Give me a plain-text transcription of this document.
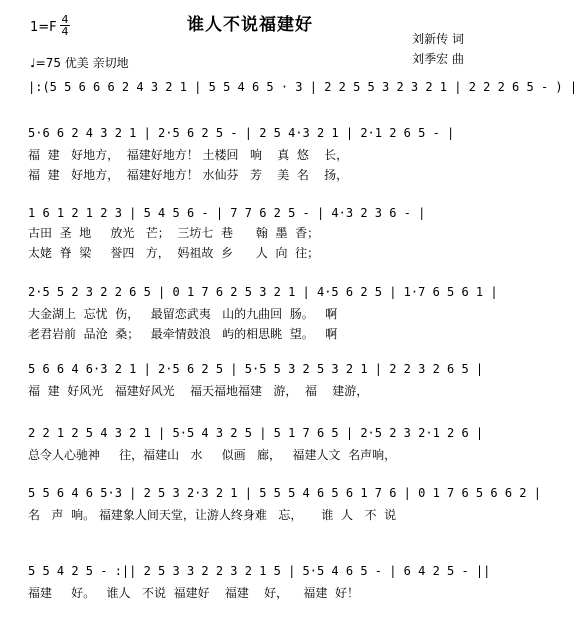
谁人不说福建好
1=F
4
4
♩=75 优美 亲切地
刘新传 词
刘季宏 曲
|:(5 5 6 6 6 2 4 3 2 1 | 5 5 4 6 5 · 3 | 2 2 5 5 3 2 3 2 1 | 2 2 2 6 5 - ) |
5·6 6 2 4 3 2 1 | 2·5 6 2 5 - | 2 5 4·3 2 1 | 2·1 2 6 5 - |
福  建   好地方，  福建好地方！ 土楼回   响    真  悠    长，
福  建   好地方，  福建好地方！ 水仙芬   芳    美  名    扬，
1 6 1 2 1 2 3 | 5 4 5 6 - | 7 7 6 2 5 - | 4·3 2 3 6 - |
古田  圣  地     放光   芒；  三坊七  巷      翰  墨  香；
太姥  脊  梁     誉四   方，  妈祖故  乡      人  向  往；
2·5 5 2 3 2 2 6 5 | 0 1 7 6 2 5 3 2 1 | 4·5 6 2 5 | 1·7 6 5 6 1 |
大金湖上  忘忧  伤，   最留恋武夷   山的九曲回  肠。   啊
老君岩前  品沧  桑；   最牵情鼓浪   屿的相思眺  望。   啊
5 6 6 4 6·3 2 1 | 2·5 6 2 5 | 5·5 5 3 2 5 3 2 1 | 2 2 3 2 6 5 |
福  建  好风光   福建好风光    福天福地福建   游，  福    建游，
2 2 1 2 5 4 3 2 1 | 5·5 4 3 2 5 | 5 1 7 6 5 | 2·5 2 3 2·1 2 6 |
总令人心驰神     往，福建山   水     似画   廊，   福建人文  名声响，
5 5 6 4 6 5·3 | 2 5 3 2·3 2 1 | 5 5 5 4 6 5 6 1 7 6 | 0 1 7 6 5 6 6 2 |
名   声  响。 福建象人间天堂，让游人终身难   忘，     谁  人   不  说
5 5 4 2 5 - :|| 2 5 3 3 2 2 3 2 1 5 | 5·5 4 6 5 - | 6 4 2 5 - ||
福建     好。   谁人   不说  福建好    福建    好，    福建  好！
